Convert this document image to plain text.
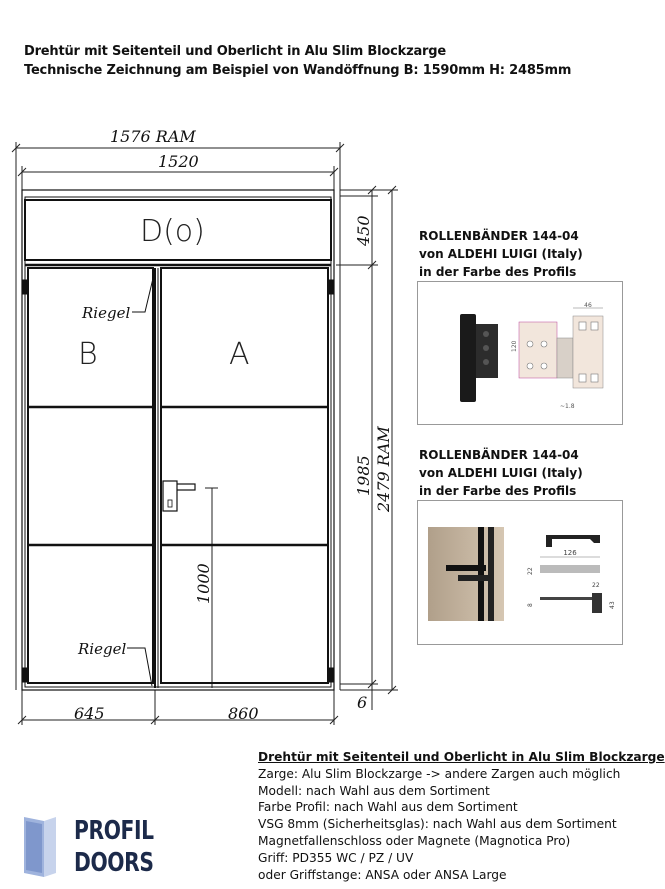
Drehtür mit Seitenteil und Oberlicht in Alu Slim Blockzarge
Technische Zeichnung am Beispiel von Wandöffnung B: 1590mm H: 2485mm
1576 RAM
1520
645	860
6
450
1985 2479 RAM
1000
D(o)
B	A
Riegel
Riegel
ROLLENBÄNDER 144-04
von ALDEHI LUIGI (Italy)
in der Farbe des Profils
46
120
~1.8
ROLLENBÄNDER 144-04
von ALDEHI LUIGI (Italy)
in der Farbe des Profils
126
22
22
8	43
Drehtür mit Seitenteil und Oberlicht in Alu Slim Blockzarge
Zarge: Alu Slim Blockzarge -> andere Zargen auch möglich
Modell: nach Wahl aus dem Sortiment
Farbe Profil: nach Wahl aus dem Sortiment
VSG 8mm (Sicherheitsglas): nach Wahl aus dem Sortiment
Magnetfallenschloss oder Magnete (Magnotica Pro)
Griff: PD355 WC / PZ / UV
oder Griffstange: ANSA oder ANSA Large
PROFIL
DOORS
